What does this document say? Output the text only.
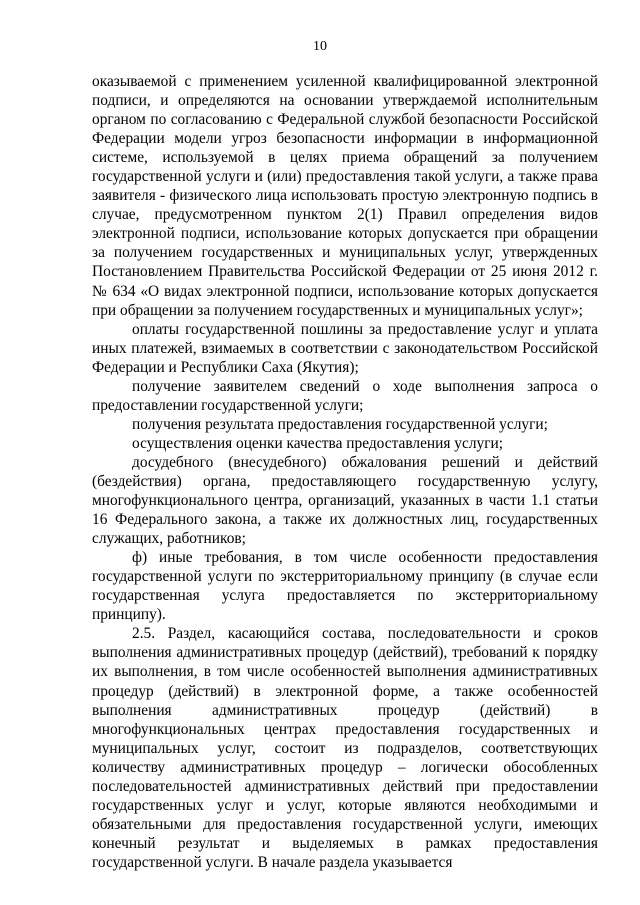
10

оказываемой с применением усиленной квалифицированной электронной подписи, и определяются на основании утверждаемой исполнительным органом по согласованию с Федеральной службой безопасности Российской Федерации модели угроз безопасности информации в информационной системе, используемой в целях приема обращений за получением государственной услуги и (или) предоставления такой услуги, а также права заявителя - физического лица использовать простую электронную подпись в случае, предусмотренном пунктом 2(1) Правил определения видов электронной подписи, использование которых допускается при обращении за получением государственных и муниципальных услуг, утвержденных Постановлением Правительства Российской Федерации от 25 июня 2012 г. № 634 «О видах электронной подписи, использование которых допускается при обращении за получением государственных и муниципальных услуг»;

оплаты государственной пошлины за предоставление услуг и уплата иных платежей, взимаемых в соответствии с законодательством Российской Федерации и Республики Саха (Якутия);

получение заявителем сведений о ходе выполнения запроса о предоставлении государственной услуги;

получения результата предоставления государственной услуги;

осуществления оценки качества предоставления услуги;

досудебного (внесудебного) обжалования решений и действий (бездействия) органа, предоставляющего государственную услугу, многофункционального центра, организаций, указанных в части 1.1 статьи 16 Федерального закона, а также их должностных лиц, государственных служащих, работников;

ф) иные требования, в том числе особенности предоставления государственной услуги по экстерриториальному принципу (в случае если государственная услуга предоставляется по экстерриториальному принципу).

2.5. Раздел, касающийся состава, последовательности и сроков выполнения административных процедур (действий), требований к порядку их выполнения, в том числе особенностей выполнения административных процедур (действий) в электронной форме, а также особенностей выполнения административных процедур (действий) в многофункциональных центрах предоставления государственных и муниципальных услуг, состоит из подразделов, соответствующих количеству административных процедур – логически обособленных последовательностей административных действий при предоставлении государственных услуг и услуг, которые являются необходимыми и обязательными для предоставления государственной услуги, имеющих конечный результат и выделяемых в рамках предоставления государственной услуги. В начале раздела указывается
